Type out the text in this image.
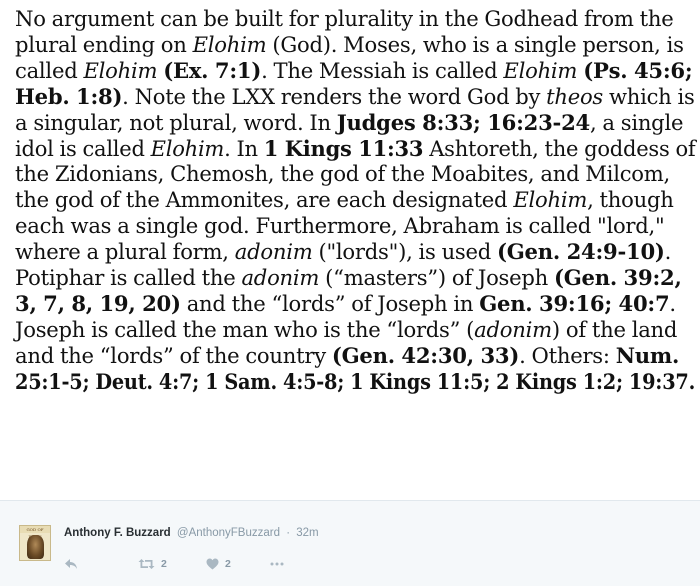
No argument can be built for plurality in the Godhead from the
plural ending on Elohim (God). Moses, who is a single person, is
called Elohim (Ex. 7:1). The Messiah is called Elohim (Ps. 45:6;
Heb. 1:8). Note the LXX renders the word God by theos which is
a singular, not plural, word. In Judges 8:33; 16:23-24, a single
idol is called Elohim. In 1 Kings 11:33 Ashtoreth, the goddess of
the Zidonians, Chemosh, the god of the Moabites, and Milcom,
the god of the Ammonites, are each designated Elohim, though
each was a single god. Furthermore, Abraham is called "lord,"
where a plural form, adonim ("lords"), is used (Gen. 24:9-10).
Potiphar is called the adonim (“masters”) of Joseph (Gen. 39:2,
3, 7, 8, 19, 20) and the “lords” of Joseph in Gen. 39:16; 40:7.
Joseph is called the man who is the “lords” (adonim) of the land
and the “lords” of the country (Gen. 42:30, 33). Others: Num.
25:1-5; Deut. 4:7; 1 Sam. 4:5-8; 1 Kings 11:5; 2 Kings 1:2; 19:37.
GOD OF	Anthony F. Buzzard @AnthonyFBuzzard · 32m
2	2
